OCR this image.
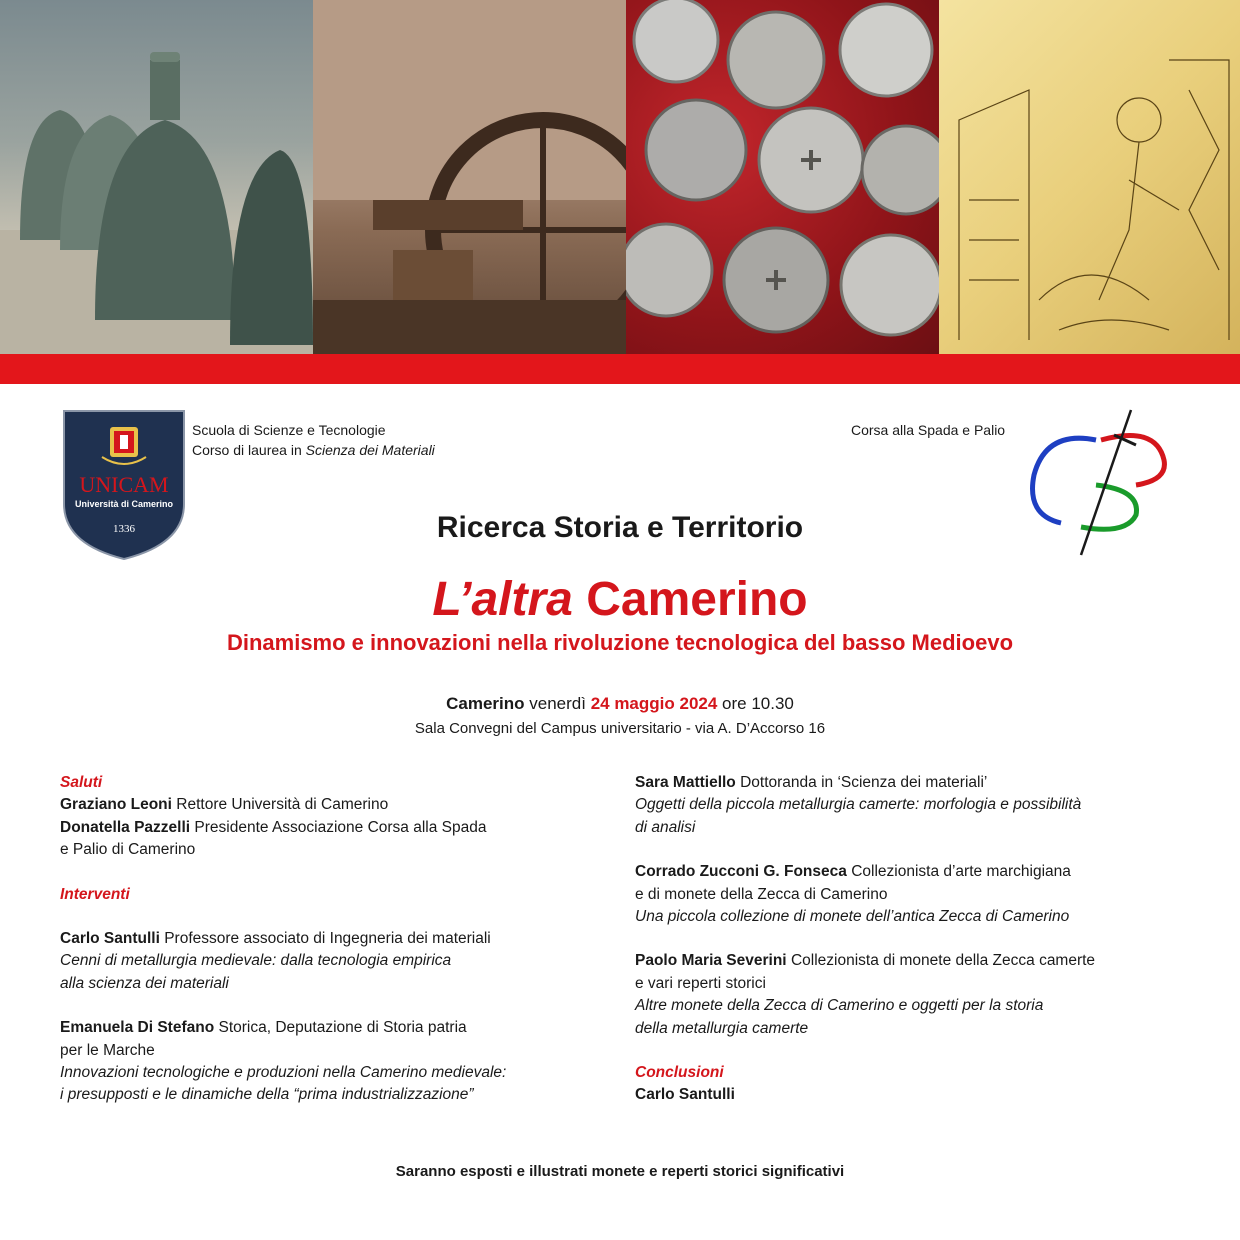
UNICAM
Università di Camerino
1336
Scuola di Scienze e Tecnologie
Corso di laurea in Scienza dei Materiali
Corsa alla Spada e Palio
Ricerca Storia e Territorio
L’altra Camerino
Dinamismo e innovazioni nella rivoluzione tecnologica del basso Medioevo
Camerino venerdì 24 maggio 2024 ore 10.30
Sala Convegni del Campus universitario - via A. D’Accorso 16
Saluti
Graziano Leoni Rettore Università di Camerino
Donatella Pazzelli Presidente Associazione Corsa alla Spada
e Palio di Camerino
Interventi
Carlo Santulli Professore associato di Ingegneria dei materiali
Cenni di metallurgia medievale: dalla tecnologia empirica
alla scienza dei materiali
Emanuela Di Stefano Storica, Deputazione di Storia patria
per le Marche
Innovazioni tecnologiche e produzioni nella Camerino medievale:
i presupposti e le dinamiche della “prima industrializzazione”
Sara Mattiello Dottoranda in ‘Scienza dei materiali’
Oggetti della piccola metallurgia camerte: morfologia e possibilità
di analisi
Corrado Zucconi G. Fonseca Collezionista d’arte marchigiana
e di monete della Zecca di Camerino
Una piccola collezione di monete dell’antica Zecca di Camerino
Paolo Maria Severini Collezionista di monete della Zecca camerte
e vari reperti storici
Altre monete della Zecca di Camerino e oggetti per la storia
della metallurgia camerte
Conclusioni
Carlo Santulli
Saranno esposti e illustrati monete e reperti storici significativi
